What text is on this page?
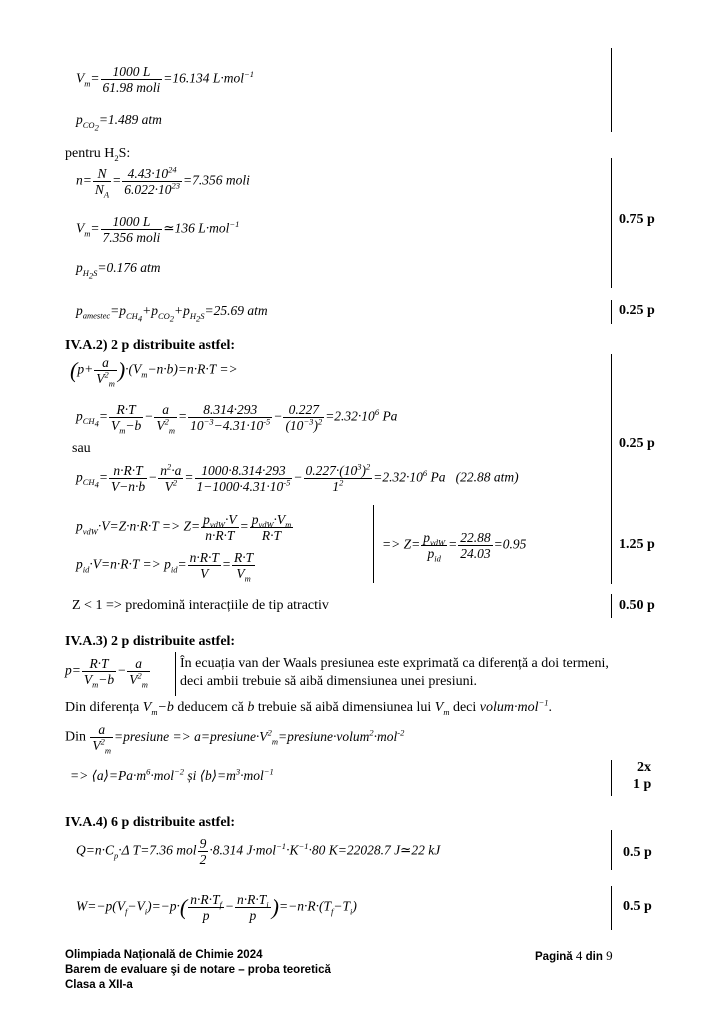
$V_m= \frac{1000 L}{\text{61.98 moli}} =16.134$ L·mol$^{-1}$
$p_{CO_2}=1.489$ atm
pentru $H_2S$:
$n= \frac{N}{N_A} = \frac{4.43\cdot 10^{24}}{6.022\cdot 10^{23}} =7.356$ moli
$V_m= \frac{1000 L}{\text{7.356 moli}}$ ≃136 L·mol$^{-1}$	0.75 p
$p_{H_2S}=0.176$ atm
$p_{amestec}=p_{CH_4}+p_{CO_2}+p_{H_2S}=25.69$ atm	0.25 p
IV.A.2) 2 p distribuite astfel:
$(p+ \frac{a}{V^2_m} )\cdot(V_m-n\cdot b)=n\cdot R\cdot T$ =>
$p_{CH_4}= \frac{R\cdot T}{V_m-b} - \frac{a}{V^2_m} = \frac{8.314\cdot 293}{10^{-3}-4.31\cdot 10^{-5}} - \frac{0.227}{(10^{-3})^2} =2.32\cdot 10^6$ Pa
sau	0.25 p
$p_{CH_4}= \frac{n\cdot R\cdot T}{V-n\cdot b} - \frac{n^2\cdot a}{V^2} = \frac{1000\cdot 8.314\cdot 293}{1-1000\cdot 4.31\cdot 10^{-5}} - \frac{0.227\cdot(10^3)^2}{1^2} =2.32\cdot 10^6$ Pa (22.88 atm)
$p_{vdW}\cdot V=Z\cdot n\cdot R\cdot T => Z= \frac{p_{vdW}\cdot V}{n\cdot R\cdot T} = \frac{p_{vdW}\cdot V_m}{R\cdot T}$
$p_{id}\cdot V=n\cdot R\cdot T => p_{id}= \frac{n\cdot R\cdot T}{V} = \frac{R\cdot T}{V_m}$
=> $Z= \frac{p_{vdW}}{p_{id}} = \frac{22.88}{24.03} =0.95$	1.25 p
Z < 1 => predomină interacțiile de tip atractiv	0.50 p
IV.A.3) 2 p distribuite astfel:
$p= \frac{R\cdot T}{V_m-b} - \frac{a}{V^2_m}$ În ecuația van der Waals presiunea este exprimată ca diferență a doi termeni,
deci ambii trebuie să aibă dimensiunea unei presiuni.
Din diferența $V_m-b$ deducem că b trebuie să aibă dimensiunea lui $V_m$ deci volum·mol$^{-1}$.
Din $\frac{a}{V^2_m}$ =presiune => $a=presiune\cdot V^2_m=presiune\cdot volum^2\cdot mol^{-2}$
=> $⟨a⟩=Pa\cdot m^6\cdot mol^{-2}$ și $⟨b⟩=m^3\cdot mol^{-1}$	2x
1 p
IV.A.4) 6 p distribuite astfel:
$Q=n\cdot C_p\cdot\Delta$ T=7.36 mol $\frac{9}{2} \cdot 8.314$ $J\cdot mol^{-1}\cdot K^{-1}\cdot 80$ K=22028.7 J≃22 kJ	0.5 p
$W=-p(V_f-V_i)=-p\cdot( \frac{n\cdot R\cdot T_f}{p} - \frac{n\cdot R\cdot T_i}{p} )=-n\cdot R\cdot(T_f-T_i)$	0.5 p
Olimpiada Națională de Chimie 2024
Barem de evaluare şi de notare – proba teoretică
Clasa a XII-a
Pagină 4 din 9
